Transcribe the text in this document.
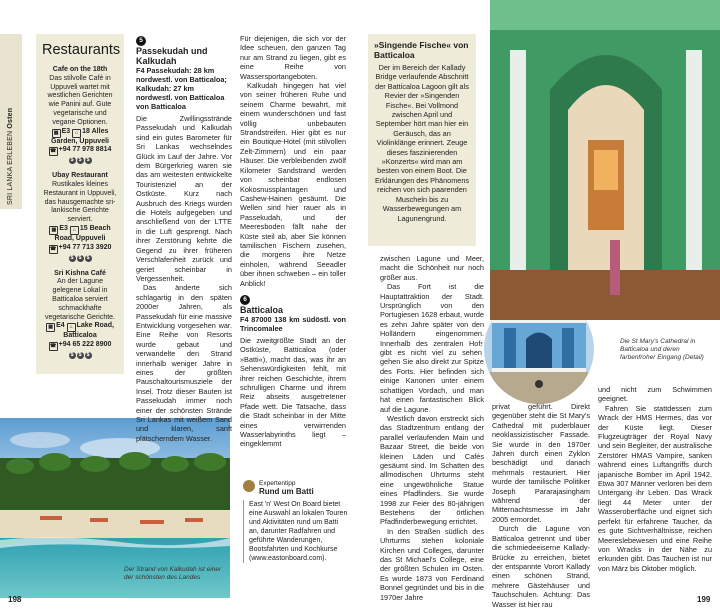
SRI LANKA ERLEBEN Osten
Restaurants
Cafe on the 18th
Das stilvolle Café in Uppuveli wartet mit westlichen Gerichten wie Panini auf. Gute vegetarische und vegane Optionen.
▦ E3 ⌂ 18 Alles Garden, Uppuveli
☎ +94 77 978 8814
$ $ $
Ubay Restaurant
Rustikales kleines Restaurant in Uppuveli, das hausgemachte sri-lankische Gerichte serviert.
▦ E3 ⌂ 15 Beach Road, Uppuveli
☎ +94 77 713 3920
$ $ $
Sri Kishna Café
An der Lagune gelegene Lokal in Batticaloa serviert schmackhafte vegetarische Gerichte.
▦ E4 ⌂ Lake Road, Batticaloa
☎ +94 65 222 8900
$ $ $
Der Strand von Kalkudah ist einer der schönsten des Landes
5
Passekudah und Kalkudah
F4 Passekudah: 28 km nordwestl. von Batticaloa; Kalkudah: 27 km nordwestl. von Batticaloa von Batticaloa

Die Zwillingsstrände Passekudah und Kalkudah sind ein gutes Barometer für Sri Lankas wechselndes Glück im Lauf der Jahre. Vor dem Bürgerkrieg waren sie das am weitesten entwickelte Touristenziel an der Ostküste. Kurz nach Ausbruch des Kriegs wurden die Hotels aufgegeben und anschließend von der LTTE in die Luft gesprengt. Nach ihrer Zerstörung kehrte die Gegend zu ihrer früheren Verschlafenheit zurück und geriet scheinbar in Vergessenheit.

Das änderte sich schlagartig in den späten 2000er Jahren, als Passekudah für eine massive Entwicklung vorgesehen war. Eine Reihe von Resorts wurde gebaut und verwandelte den Strand innerhalb weniger Jahre in eines der größten Pauschaltourismusziele der Insel. Trotz dieser Bauten ist Passekudah immer noch einer der schönsten Strände Sri Lankas mit weißem Sand und klaren, sanft plätscherndem Wasser.

Für diejenigen, die sich vor der Idee scheuen, den ganzen Tag nur am Strand zu liegen, gibt es eine Reihe von Wassersportangeboten.

Kalkudah hingegen hat viel von seiner früheren Ruhe und seinem Charme bewahrt, mit einem wunderschönen und fast völlig unbebauten Strandstreifen. Hier gibt es nur ein Boutique-Hotel (mit stilvollen Zelt-Zimmern) und ein paar Häuser. Die verbleibenden zwölf Kilometer Sandstrand werden von scheinbar endlosen Kokosnussplantagen und Cashew-Hainen gesäumt. Die Wellen sind hier rauer als in Passekudah, und der Meeresboden fällt nahe der Küste steil ab, aber Sie können tamilischen Fischern zusehen, die morgens ihre Netze einholen, während Seeadler über ihnen schweben – ein toller Anblick!

6
Batticaloa
F4 87000 138 km südöstl. von Trincomalee

Die zweitgrößte Stadt an der Ostküste, Batticaloa (oder »Batti«), macht das, was ihr an Sehenswürdigkeiten fehlt, mit ihrer reichen Geschichte, ihrem schrulligen Charme und ihrem Reiz abseits ausgetretener Pfade wett. Die Tatsache, dass die Stadt scheinbar in der Mitte eines verwirrenden Wasserlabyrinths liegt – eingeklemmt

Expertentipp
Rund um Batti
East 'n' West On Board bietet eine Auswahl an lokalen Touren und Aktivitäten rund um Batti an, darunter Radfahren und geführte Wanderungen, Bootsfahrten und Kochkurse (www.eastonboard.com).
»Singende Fische« von Batticaloa
Der im Bereich der Kallady Bridge verlaufende Abschnitt der Batticaloa Lagoon gilt als Revier der »Singenden Fische«. Bei Vollmond zwischen April und September hört man hier ein Geräusch, das an Violinklänge erinnert. Zeuge dieses faszinierenden »Konzerts« wird man am besten von einem Boot. Die Erklärungen des Phänomens reichen von sich paarenden Muscheln bis zu Wasserbewegungen am Lagunengrund.

zwischen Lagune und Meer, macht die Schönheit nur noch größer aus.

Das Fort ist die Hauptattraktion der Stadt. Ursprünglich von den Portugiesen 1628 erbaut, wurde es zehn Jahre später von den Holländern eingenommen. Innerhalb des zentralen Hofs gibt es nicht viel zu sehen, gehen Sie also direkt zur Spitze des Forts. Hier befinden sich einige Kanonen unter einem schattigen Vordach, und man hat einen fantastischen Blick auf die Lagune.

Westlich davon erstreckt sich das Stadtzentrum entlang der parallel verlaufenden Main und Bazaar Street, die beide von kleinen Läden und Cafés gesäumt sind. Im Schatten des allmodischen Uhrturms steht eine ungewöhnliche Statue eines Pfadfinders. Sie wurde 1998 zur Feier des 80-jährigen Bestehens der örtlichen Pfadfinderbewegung errichtet.

In den Straßen südlich des Uhrturms stehen koloniale Kirchen und Colleges, darunter das St Michael's College, eine der größten Schulen im Osten. Es wurde 1873 von Ferdinand Bonnel gegründet und bis in die 1970er Jahre

privat geführt. Direkt gegenüber steht die St Mary's Cathedral mit puderblauer neoklassizistischer Fassade. Sie wurde in den 1970er Jahren durch einen Zyklon beschädigt und danach mehrmals restauriert. Hier wurde der tamilische Politiker Joseph Pararajasingham während der Mitternachtsmesse im Jahr 2005 ermordet.

Durch die Lagune von Batticaloa getrennt und über die schmiedeeiserne Kallady-Brücke zu erreichen, bietet der entspannte Vorort Kallady einen schönen Strand, mehrere Gästehäuser und Tauchschulen. Achtung: Das Wasser ist hier rau

Die St Mary's Cathedral in Batticaloa und deren farbenfroher Eingang (Detail)

und nicht zum Schwimmen geeignet.

Fahren Sie stattdessen zum Wrack der HMS Hermes, das vor der Küste liegt. Dieser Flugzeugträger der Royal Navy und sein Begleiter, der australische Zerstörer HMAS Vampire, sanken während eines Luftangriffs durch japanische Bomber im April 1942. Etwa 307 Männer verloren bei dem Untergang ihr Leben. Das Wrack liegt 44 Meter unter der Wasseroberfläche und eignet sich perfekt für erfahrene Taucher, da es gute Sichtverhältnisse, reichen Meereslebewesen und eine Reihe von Wracks in der Nähe zu erkunden gibt. Das Tauchen ist nur von März bis Oktober möglich.

198	199
